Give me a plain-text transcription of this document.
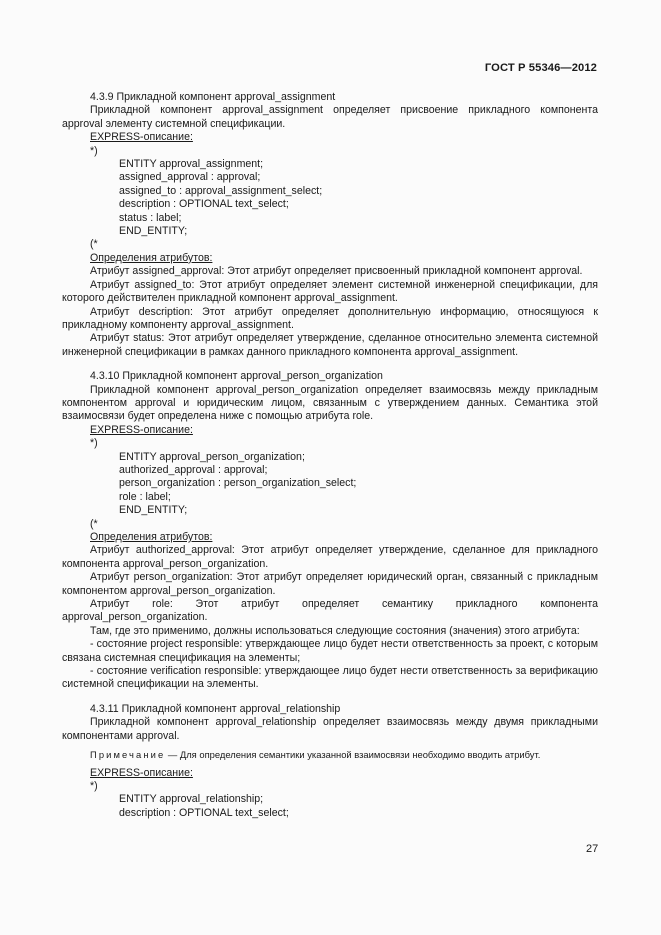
ГОСТ Р 55346—2012

4.3.9 Прикладной компонент approval_assignment

Прикладной компонент approval_assignment определяет присвоение прикладного компонента approval элементу системной спецификации.

EXPRESS-описание:

*)

ENTITY approval_assignment;

assigned_approval : approval;

assigned_to : approval_assignment_select;

description : OPTIONAL text_select;

status : label;

END_ENTITY;

(*

Определения атрибутов:

Атрибут assigned_approval: Этот атрибут определяет присвоенный прикладной компонент approval.

Атрибут assigned_to: Этот атрибут определяет элемент системной инженерной спецификации, для которого действителен прикладной компонент approval_assignment.

Атрибут description: Этот атрибут определяет дополнительную информацию, относящуюся к прикладному компоненту approval_assignment.

Атрибут status: Этот атрибут определяет утверждение, сделанное относительно элемента системной инженерной спецификации в рамках данного прикладного компонента approval_assignment.

4.3.10 Прикладной компонент approval_person_organization

Прикладной компонент approval_person_organization определяет взаимосвязь между прикладным компонентом approval и юридическим лицом, связанным с утверждением данных. Семантика этой взаимосвязи будет определена ниже с помощью атрибута role.

EXPRESS-описание:

*)

ENTITY approval_person_organization;

authorized_approval : approval;

person_organization : person_organization_select;

role : label;

END_ENTITY;

(*

Определения атрибутов:

Атрибут authorized_approval: Этот атрибут определяет утверждение, сделанное для прикладного компонента approval_person_organization.

Атрибут person_organization: Этот атрибут определяет юридический орган, связанный с прикладным компонентом approval_person_organization.

Атрибут role: Этот атрибут определяет семантику прикладного компонента approval_person_organization.

Там, где это применимо, должны использоваться следующие состояния (значения) этого атрибута:

- состояние project responsible: утверждающее лицо будет нести ответственность за проект, с которым связана системная спецификация на элементы;

- состояние verification responsible: утверждающее лицо будет нести ответственность за верификацию системной спецификации на элементы.

4.3.11 Прикладной компонент approval_relationship

Прикладной компонент approval_relationship определяет взаимосвязь между двумя прикладными компонентами approval.

Примечание — Для определения семантики указанной взаимосвязи необходимо вводить атрибут.

EXPRESS-описание:

*)

ENTITY approval_relationship;

description : OPTIONAL text_select;

27
